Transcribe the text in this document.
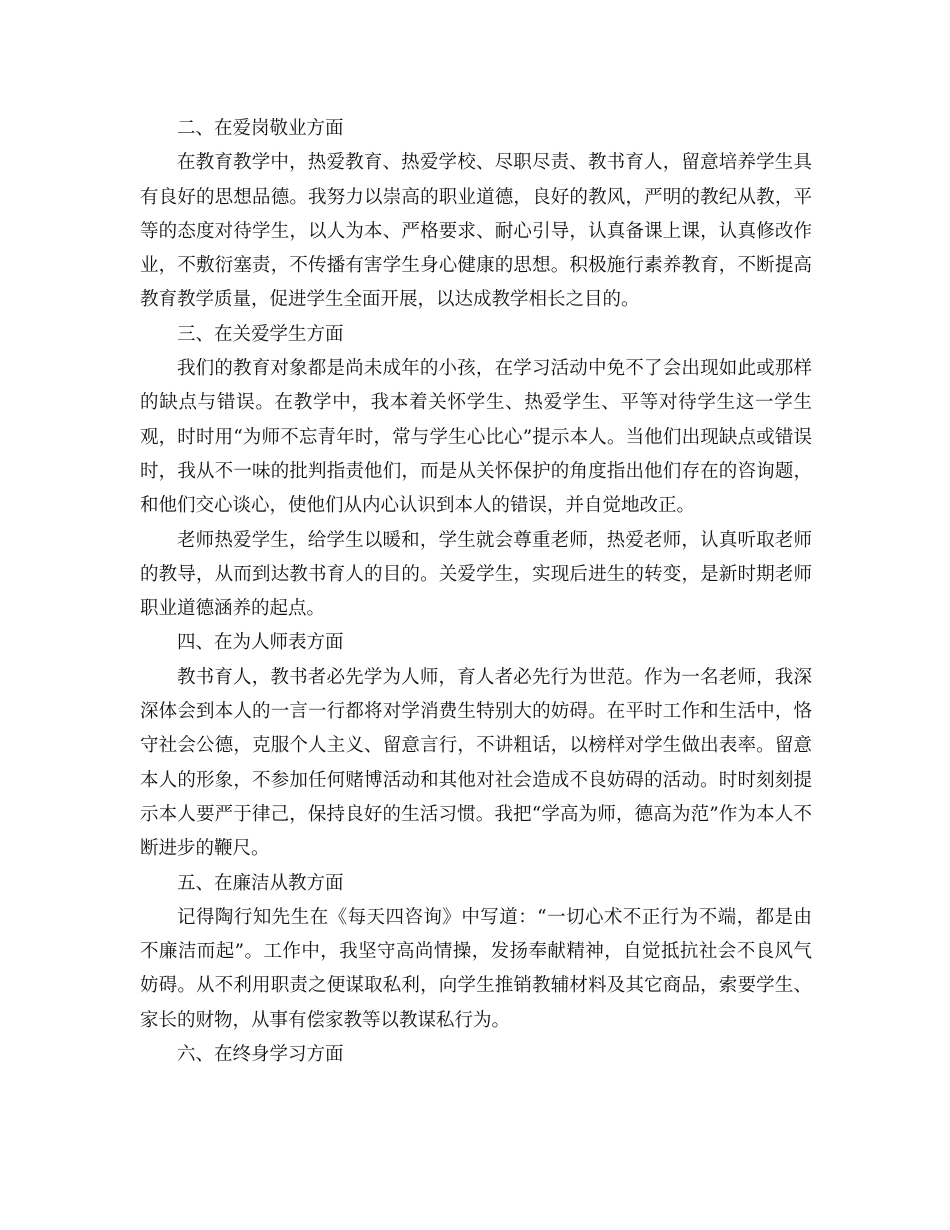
二、在爱岗敬业方面

在教育教学中，热爱教育、热爱学校、尽职尽责、教书育人，留意培养学生具有良好的思想品德。我努力以崇高的职业道德，良好的教风，严明的教纪从教，平等的态度对待学生，以人为本、严格要求、耐心引导，认真备课上课，认真修改作业，不敷衍塞责，不传播有害学生身心健康的思想。积极施行素养教育，不断提高教育教学质量，促进学生全面开展，以达成教学相长之目的。

三、在关爱学生方面

我们的教育对象都是尚未成年的小孩，在学习活动中免不了会出现如此或那样的缺点与错误。在教学中，我本着关怀学生、热爱学生、平等对待学生这一学生观，时时用“为师不忘青年时，常与学生心比心”提示本人。当他们出现缺点或错误时，我从不一味的批判指责他们，而是从关怀保护的角度指出他们存在的咨询题，和他们交心谈心，使他们从内心认识到本人的错误，并自觉地改正。

老师热爱学生，给学生以暖和，学生就会尊重老师，热爱老师，认真听取老师的教导，从而到达教书育人的目的。关爱学生，实现后进生的转变，是新时期老师职业道德涵养的起点。

四、在为人师表方面

教书育人，教书者必先学为人师，育人者必先行为世范。作为一名老师，我深深体会到本人的一言一行都将对学消费生特别大的妨碍。在平时工作和生活中，恪守社会公德，克服个人主义、留意言行，不讲粗话，以榜样对学生做出表率。留意本人的形象，不参加任何赌博活动和其他对社会造成不良妨碍的活动。时时刻刻提示本人要严于律己，保持良好的生活习惯。我把“学高为师，德高为范”作为本人不断进步的鞭尺。

五、在廉洁从教方面

记得陶行知先生在《每天四咨询》中写道：“一切心术不正行为不端，都是由不廉洁而起”。工作中，我坚守高尚情操，发扬奉献精神，自觉抵抗社会不良风气妨碍。从不利用职责之便谋取私利，向学生推销教辅材料及其它商品，索要学生、家长的财物，从事有偿家教等以教谋私行为。

六、在终身学习方面
